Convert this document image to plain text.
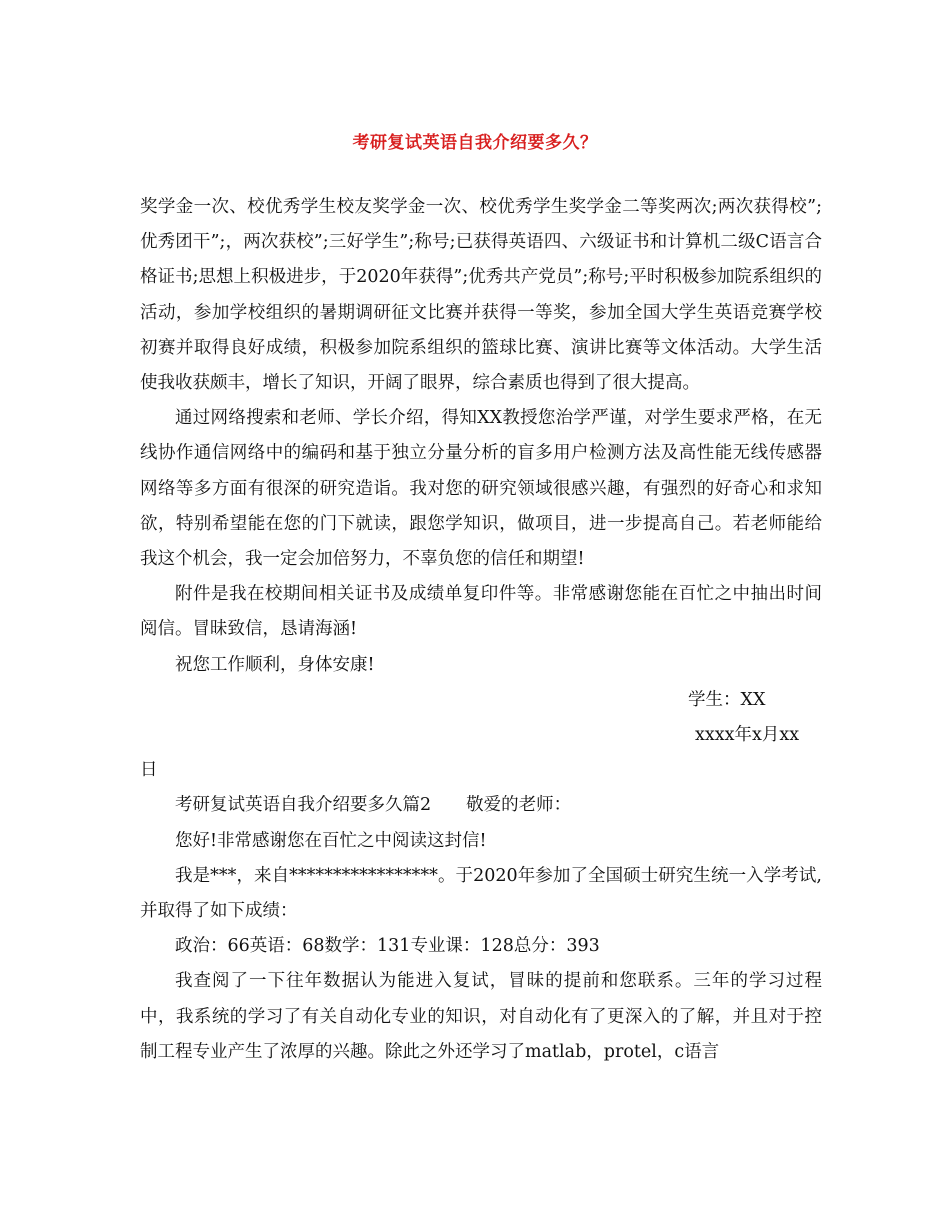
考研复试英语自我介绍要多久？

奖学金一次、校优秀学生校友奖学金一次、校优秀学生奖学金二等奖两次;两次获得校”;优秀团干”;，两次获校”;三好学生”;称号;已获得英语四、六级证书和计算机二级C语言合格证书;思想上积极进步，于2020年获得”;优秀共产党员”;称号;平时积极参加院系组织的活动，参加学校组织的暑期调研征文比赛并获得一等奖，参加全国大学生英语竞赛学校初赛并取得良好成绩，积极参加院系组织的篮球比赛、演讲比赛等文体活动。大学生活使我收获颇丰，增长了知识，开阔了眼界，综合素质也得到了很大提高。

通过网络搜索和老师、学长介绍，得知XX教授您治学严谨，对学生要求严格，在无线协作通信网络中的编码和基于独立分量分析的盲多用户检测方法及高性能无线传感器网络等多方面有很深的研究造诣。我对您的研究领域很感兴趣，有强烈的好奇心和求知欲，特别希望能在您的门下就读，跟您学知识，做项目，进一步提高自己。若老师能给我这个机会，我一定会加倍努力，不辜负您的信任和期望!

附件是我在校期间相关证书及成绩单复印件等。非常感谢您能在百忙之中抽出时间阅信。冒昧致信，恳请海涵!

祝您工作顺利，身体安康!

学生：XX

xxxx年x月xx

日

考研复试英语自我介绍要多久篇2　　敬爱的老师：

您好!非常感谢您在百忙之中阅读这封信!

我是***，来自*****************。于2020年参加了全国硕士研究生统一入学考试,并取得了如下成绩：

政治：66英语：68数学：131专业课：128总分：393

我查阅了一下往年数据认为能进入复试，冒昧的提前和您联系。三年的学习过程中，我系统的学习了有关自动化专业的知识，对自动化有了更深入的了解，并且对于控制工程专业产生了浓厚的兴趣。除此之外还学习了matlab，protel，c语言
